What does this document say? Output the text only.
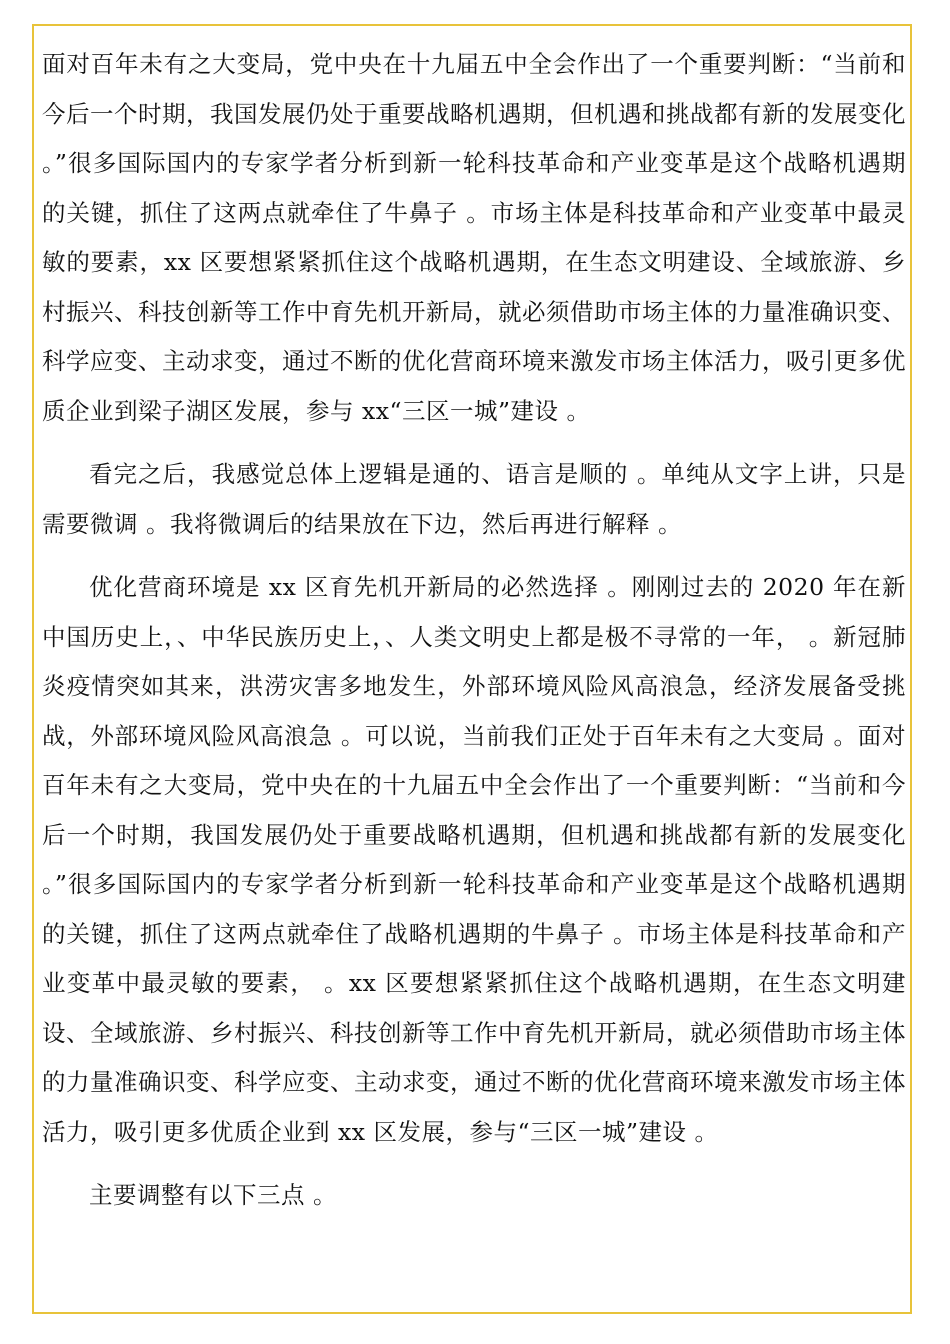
面对百年未有之大变局，党中央在十九届五中全会作出了一个重要判断：“当前和今后一个时期，我国发展仍处于重要战略机遇期，但机遇和挑战都有新的发展变化 。”很多国际国内的专家学者分析到新一轮科技革命和产业变革是这个战略机遇期的关键，抓住了这两点就牵住了牛鼻子 。市场主体是科技革命和产业变革中最灵敏的要素，xx 区要想紧紧抓住这个战略机遇期，在生态文明建设、全域旅游、乡村振兴、科技创新等工作中育先机开新局，就必须借助市场主体的力量准确识变、科学应变、主动求变，通过不断的优化营商环境来激发市场主体活力，吸引更多优质企业到梁子湖区发展，参与 xx“三区一城”建设 。

看完之后，我感觉总体上逻辑是通的、语言是顺的 。单纯从文字上讲，只是需要微调 。我将微调后的结果放在下边，然后再进行解释 。

优化营商环境是 xx 区育先机开新局的必然选择 。刚刚过去的 2020 年在新中国历史上，、中华民族历史上，、人类文明史上都是极不寻常的一年， 。新冠肺炎疫情突如其来，洪涝灾害多地发生，外部环境风险风高浪急，经济发展备受挑战，外部环境风险风高浪急 。可以说，当前我们正处于百年未有之大变局 。面对百年未有之大变局，党中央在的十九届五中全会作出了一个重要判断：“当前和今后一个时期，我国发展仍处于重要战略机遇期，但机遇和挑战都有新的发展变化 。”很多国际国内的专家学者分析到新一轮科技革命和产业变革是这个战略机遇期的关键，抓住了这两点就牵住了战略机遇期的牛鼻子 。市场主体是科技革命和产业变革中最灵敏的要素， 。xx 区要想紧紧抓住这个战略机遇期，在生态文明建设、全域旅游、乡村振兴、科技创新等工作中育先机开新局，就必须借助市场主体的力量准确识变、科学应变、主动求变，通过不断的优化营商环境来激发市场主体活力，吸引更多优质企业到 xx 区发展，参与“三区一城”建设 。

主要调整有以下三点 。
